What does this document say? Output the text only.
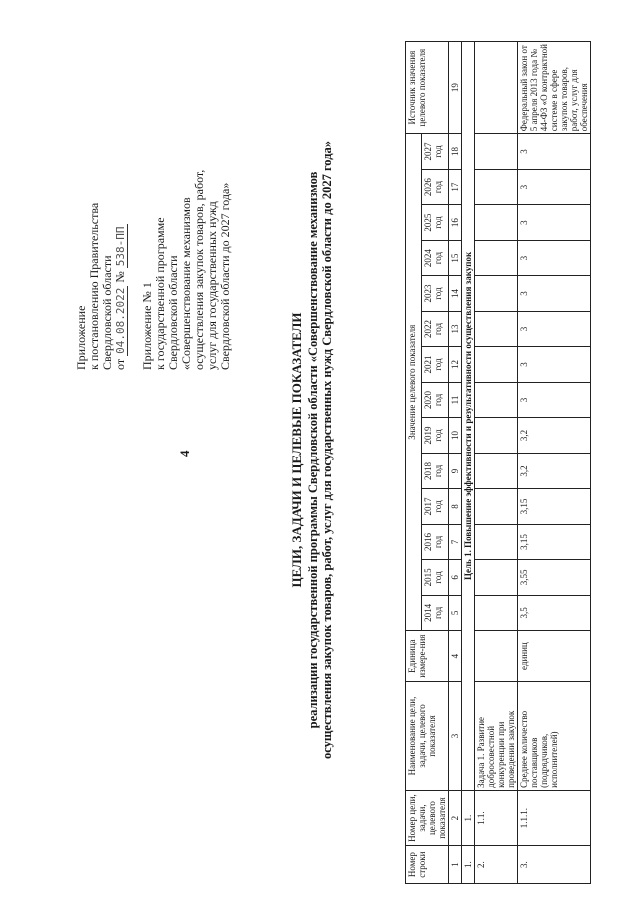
4
Приложение к постановлению Правительства Свердловской области от 04.08.2022 № 538-ПП
Приложение № 1 к государственной программе Свердловской области «Совершенствование механизмов осуществления закупок товаров, работ, услуг для государственных нужд Свердловской области до 2027 года»
ЦЕЛИ, ЗАДАЧИ И ЦЕЛЕВЫЕ ПОКАЗАТЕЛИ реализации государственной программы Свердловской области «Совершенствование механизмов осуществления закупок товаров, работ, услуг для государственных нужд Свердловской области до 2027 года»
Номер строки	Номер цели, задачи, целевого показателя	Наименование цели, задачи, целевого показателя	Единица измере-ния	Значение целевого показателя														Источник значения целевого показателя
				2014 год	2015 год	2016 год	2017 год	2018 год	2019 год	2020 год	2021 год	2022 год	2023 год	2024 год	2025 год	2026 год	2027 год	
1	2	3	4	5	6	7	8	9	10	11	12	13	14	15	16	17	18	19
1.	1.	Цель 1. Повышение эффективности и результативности осуществления закупок																
2.	1.1.	Задача 1. Развитие добросовестной конкуренции при проведении закупок																
3.	1.1.1.	Среднее количество поставщиков (подрядчиков, исполнителей)	единиц	3,5	3,55	3,15	3,15	3,2	3,2	3	3	3	3	3	3	3	3	Федеральный закон от 5 апреля 2013 года № 44-ФЗ «О контрактной системе в сфере закупок товаров, работ, услуг для обеспечения
